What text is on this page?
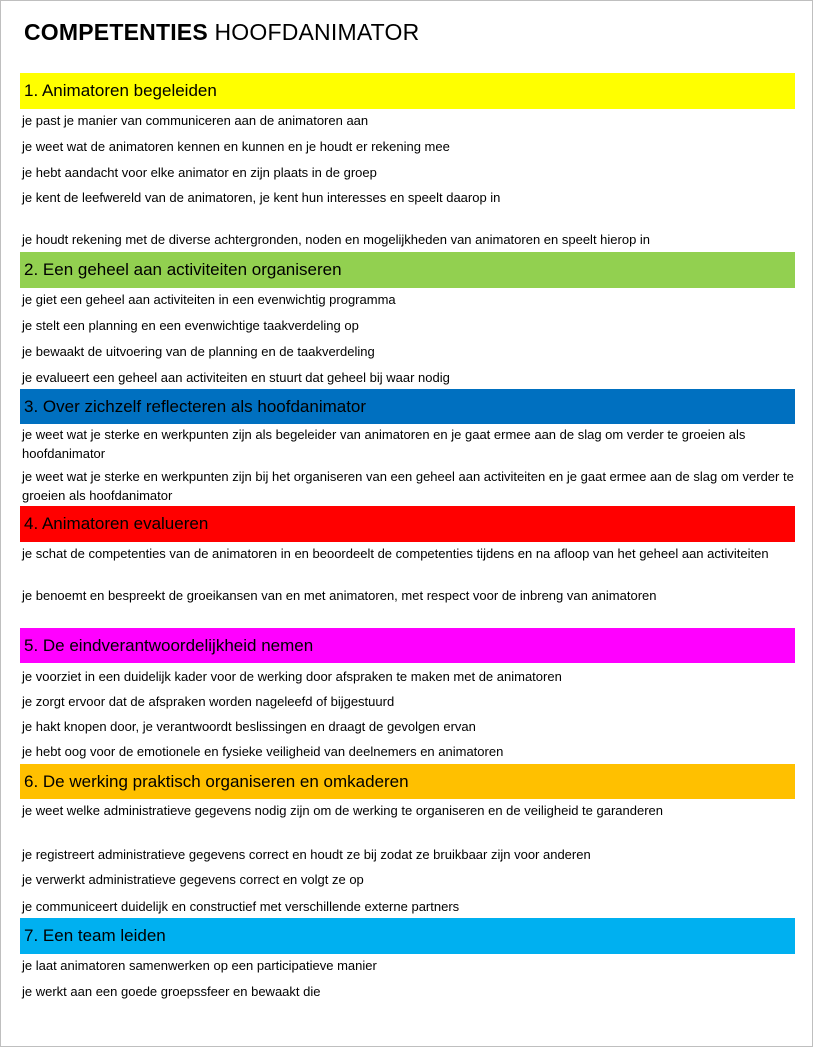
COMPETENTIES HOOFDANIMATOR
1. Animatoren begeleiden
je past je manier van communiceren aan de animatoren aan
je weet wat de animatoren kennen en kunnen en je houdt er rekening mee
je hebt aandacht voor elke animator en zijn plaats in de groep
je kent de leefwereld van de animatoren, je kent hun interesses en speelt daarop in
je houdt rekening met de diverse achtergronden, noden en mogelijkheden van animatoren en speelt hierop in
2. Een geheel aan activiteiten organiseren
je giet een geheel aan activiteiten in een evenwichtig programma
je stelt een planning en een evenwichtige taakverdeling op
je bewaakt de uitvoering van de planning en de taakverdeling
je evalueert een geheel aan activiteiten en stuurt dat geheel bij waar nodig
3. Over zichzelf reflecteren als hoofdanimator
je weet wat je sterke en werkpunten zijn als begeleider van animatoren en je gaat ermee aan de slag om verder te groeien als hoofdanimator
je weet wat je sterke en werkpunten zijn bij het organiseren van een geheel aan activiteiten en je gaat ermee aan de slag om verder te groeien als hoofdanimator
4. Animatoren evalueren
je schat de competenties van de animatoren in en beoordeelt de competenties tijdens en na afloop van het geheel aan activiteiten
je benoemt en bespreekt de groeikansen van en met animatoren, met respect voor de inbreng van animatoren
5. De eindverantwoordelijkheid nemen
je voorziet in een duidelijk kader voor de werking door afspraken te maken met de animatoren
je zorgt ervoor dat de afspraken worden nageleefd of bijgestuurd
je hakt knopen door, je verantwoordt beslissingen en draagt de gevolgen ervan
je hebt oog voor de emotionele en fysieke veiligheid van deelnemers en animatoren
6. De werking praktisch organiseren en omkaderen
je weet welke administratieve gegevens nodig zijn om de werking te organiseren en de veiligheid te garanderen
je registreert administratieve gegevens correct en houdt ze bij zodat ze bruikbaar zijn voor anderen
je verwerkt administratieve gegevens correct en volgt ze op
je communiceert duidelijk en constructief met verschillende externe partners
7. Een team leiden
je laat animatoren samenwerken op een participatieve manier
je werkt aan een goede groepssfeer en bewaakt die
